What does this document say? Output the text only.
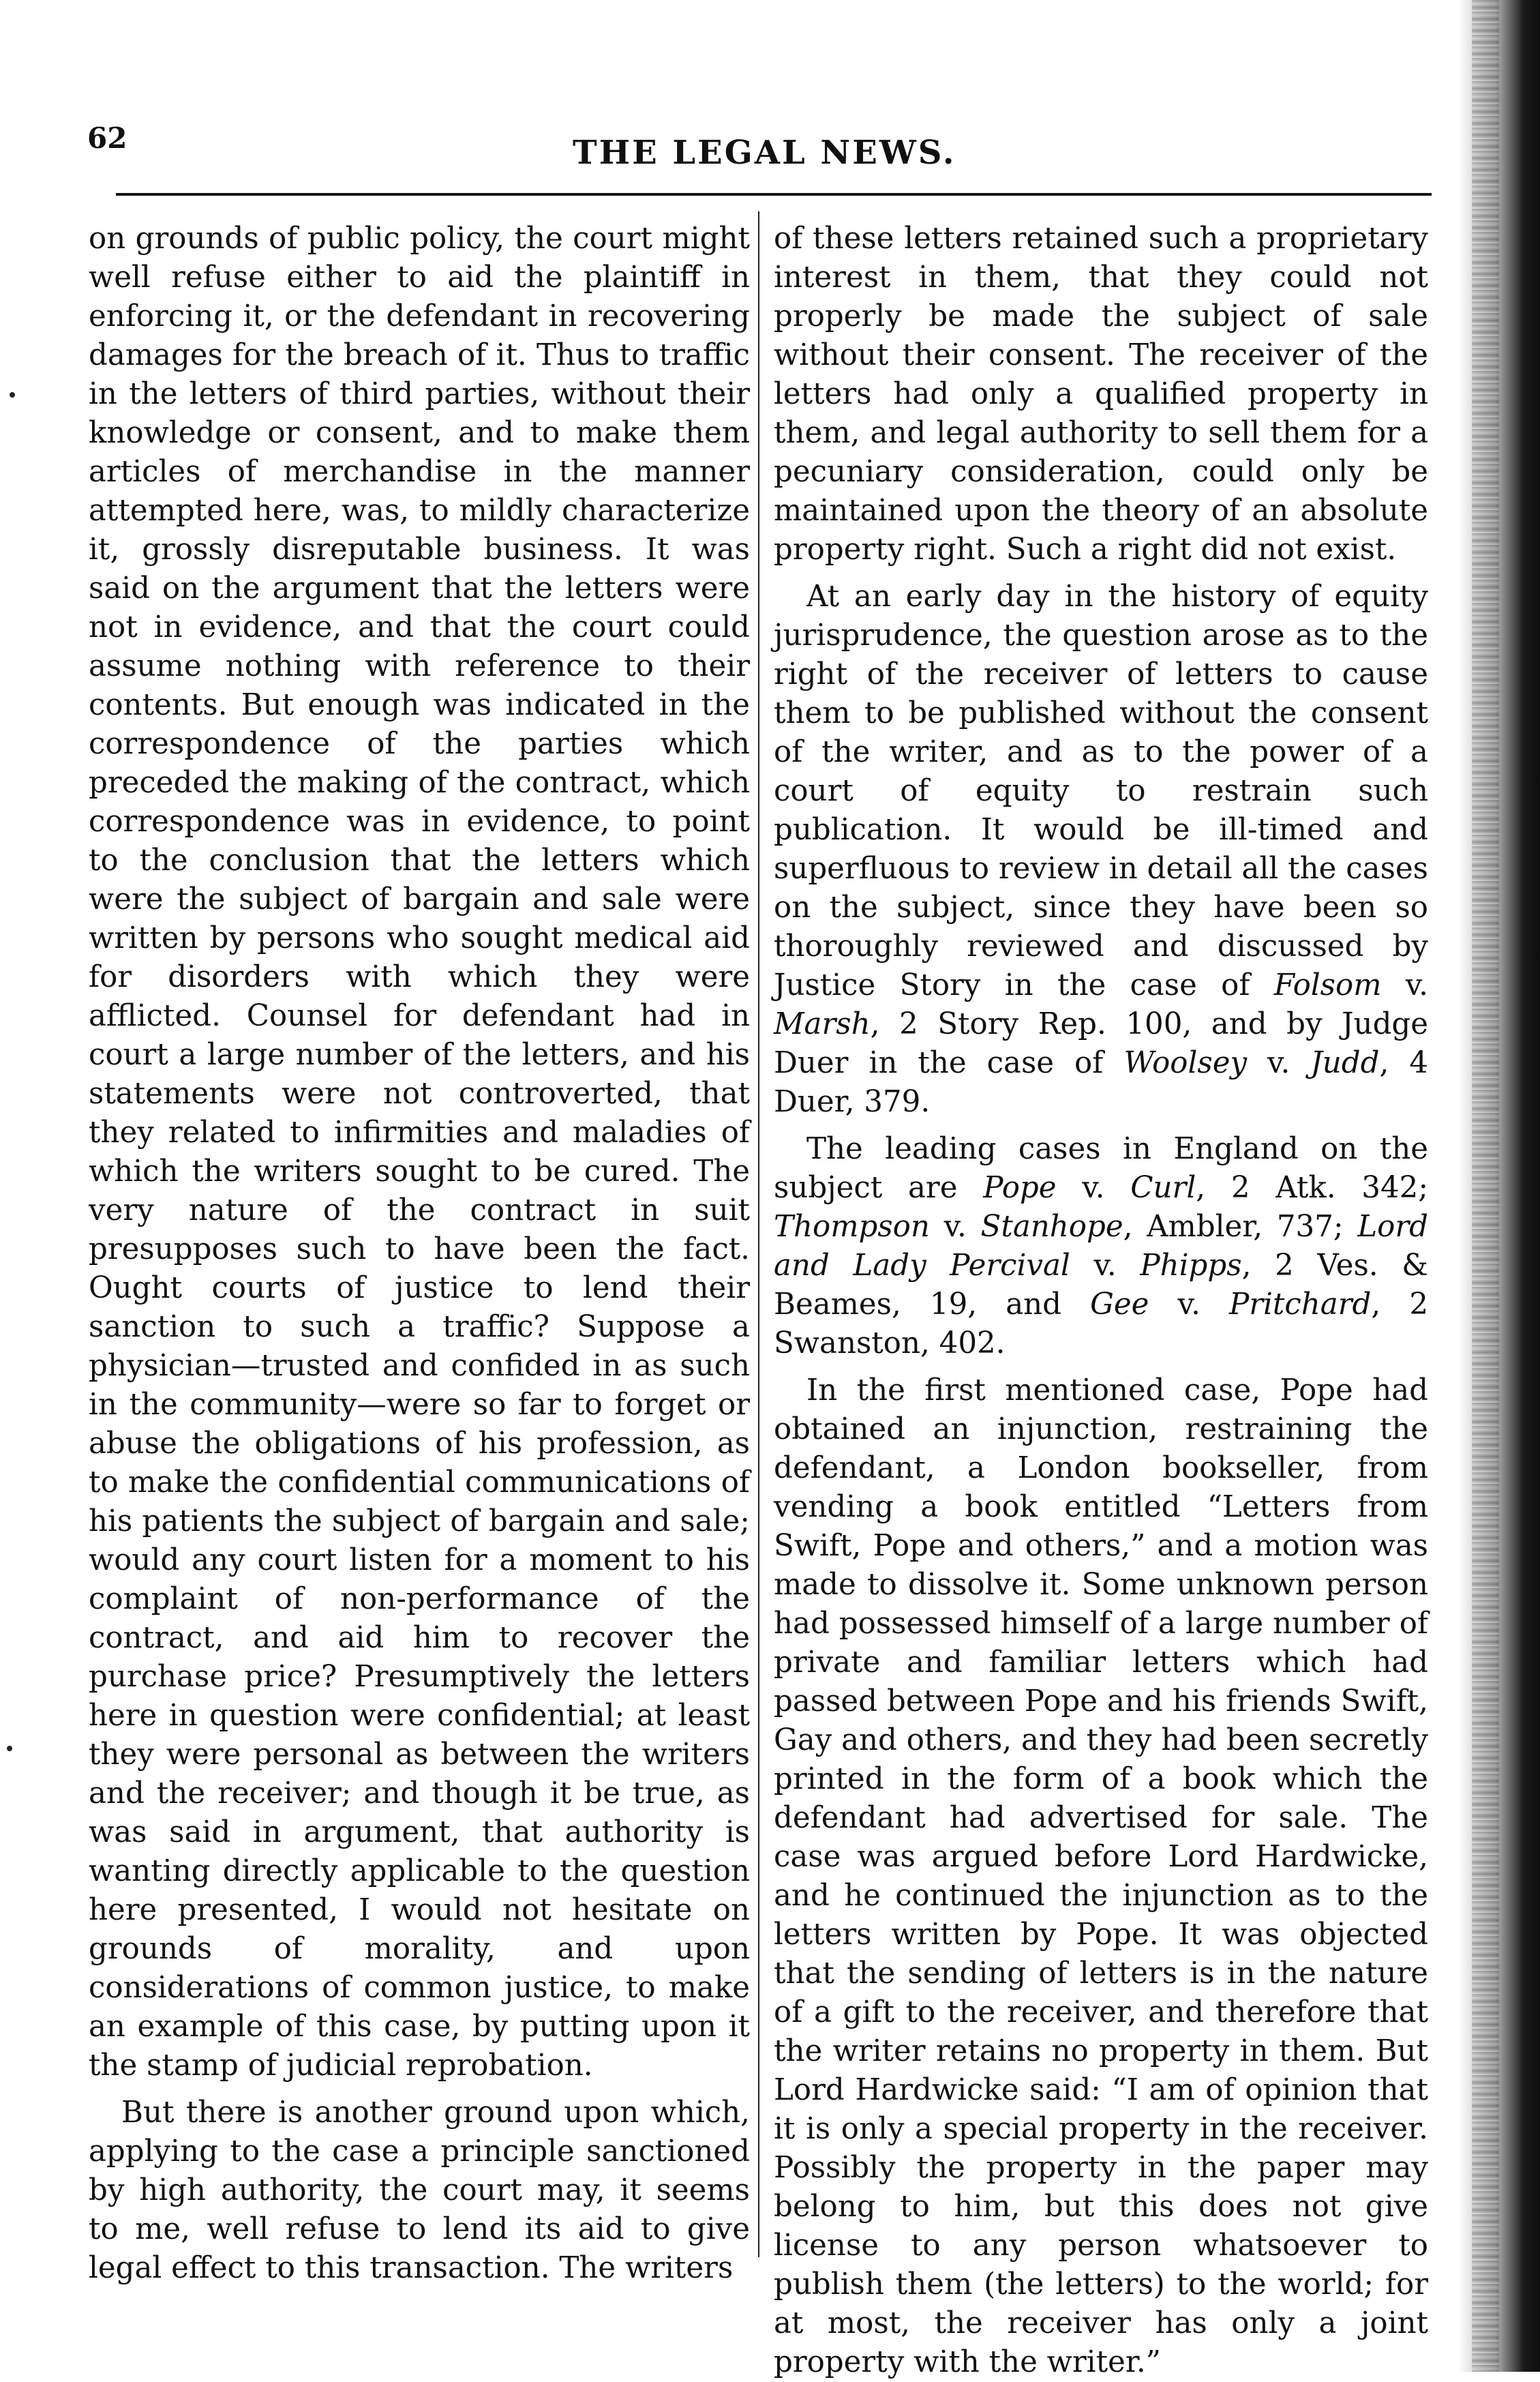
62	THE LEGAL NEWS.

on grounds of public policy, the court might well refuse either to aid the plaintiff in enforcing it, or the defendant in recovering damages for the breach of it. Thus to traffic in the letters of third parties, without their knowledge or consent, and to make them articles of merchandise in the manner attempted here, was, to mildly characterize it, grossly disreputable business. It was said on the argument that the letters were not in evidence, and that the court could assume nothing with reference to their contents. But enough was indicated in the correspondence of the parties which preceded the making of the contract, which correspondence was in evidence, to point to the conclusion that the letters which were the subject of bargain and sale were written by persons who sought medical aid for disorders with which they were afflicted. Counsel for defendant had in court a large number of the letters, and his statements were not controverted, that they related to infirmities and maladies of which the writers sought to be cured. The very nature of the contract in suit presupposes such to have been the fact. Ought courts of justice to lend their sanction to such a traffic? Suppose a physician—trusted and confided in as such in the community—were so far to forget or abuse the obligations of his profession, as to make the confidential communications of his patients the subject of bargain and sale; would any court listen for a moment to his complaint of non-performance of the contract, and aid him to recover the purchase price? Presumptively the letters here in question were confidential; at least they were personal as between the writers and the receiver; and though it be true, as was said in argument, that authority is wanting directly applicable to the question here presented, I would not hesitate on grounds of morality, and upon considerations of common justice, to make an example of this case, by putting upon it the stamp of judicial reprobation.

But there is another ground upon which, applying to the case a principle sanctioned by high authority, the court may, it seems to me, well refuse to lend its aid to give legal effect to this transaction. The writers

of these letters retained such a proprietary interest in them, that they could not properly be made the subject of sale without their consent. The receiver of the letters had only a qualified property in them, and legal authority to sell them for a pecuniary consideration, could only be maintained upon the theory of an absolute property right. Such a right did not exist.

At an early day in the history of equity jurisprudence, the question arose as to the right of the receiver of letters to cause them to be published without the consent of the writer, and as to the power of a court of equity to restrain such publication. It would be ill-timed and superfluous to review in detail all the cases on the subject, since they have been so thoroughly reviewed and discussed by Justice Story in the case of Folsom v. Marsh, 2 Story Rep. 100, and by Judge Duer in the case of Woolsey v. Judd, 4 Duer, 379.

The leading cases in England on the subject are Pope v. Curl, 2 Atk. 342; Thompson v. Stanhope, Ambler, 737; Lord and Lady Percival v. Phipps, 2 Ves. & Beames, 19, and Gee v. Pritchard, 2 Swanston, 402.

In the first mentioned case, Pope had obtained an injunction, restraining the defendant, a London bookseller, from vending a book entitled “Letters from Swift, Pope and others,” and a motion was made to dissolve it. Some unknown person had possessed himself of a large number of private and familiar letters which had passed between Pope and his friends Swift, Gay and others, and they had been secretly printed in the form of a book which the defendant had advertised for sale. The case was argued before Lord Hardwicke, and he continued the injunction as to the letters written by Pope. It was objected that the sending of letters is in the nature of a gift to the receiver, and therefore that the writer retains no property in them. But Lord Hardwicke said: “I am of opinion that it is only a special property in the receiver. Possibly the property in the paper may belong to him, but this does not give license to any person whatsoever to publish them (the letters) to the world; for at most, the receiver has only a joint property with the writer.”
